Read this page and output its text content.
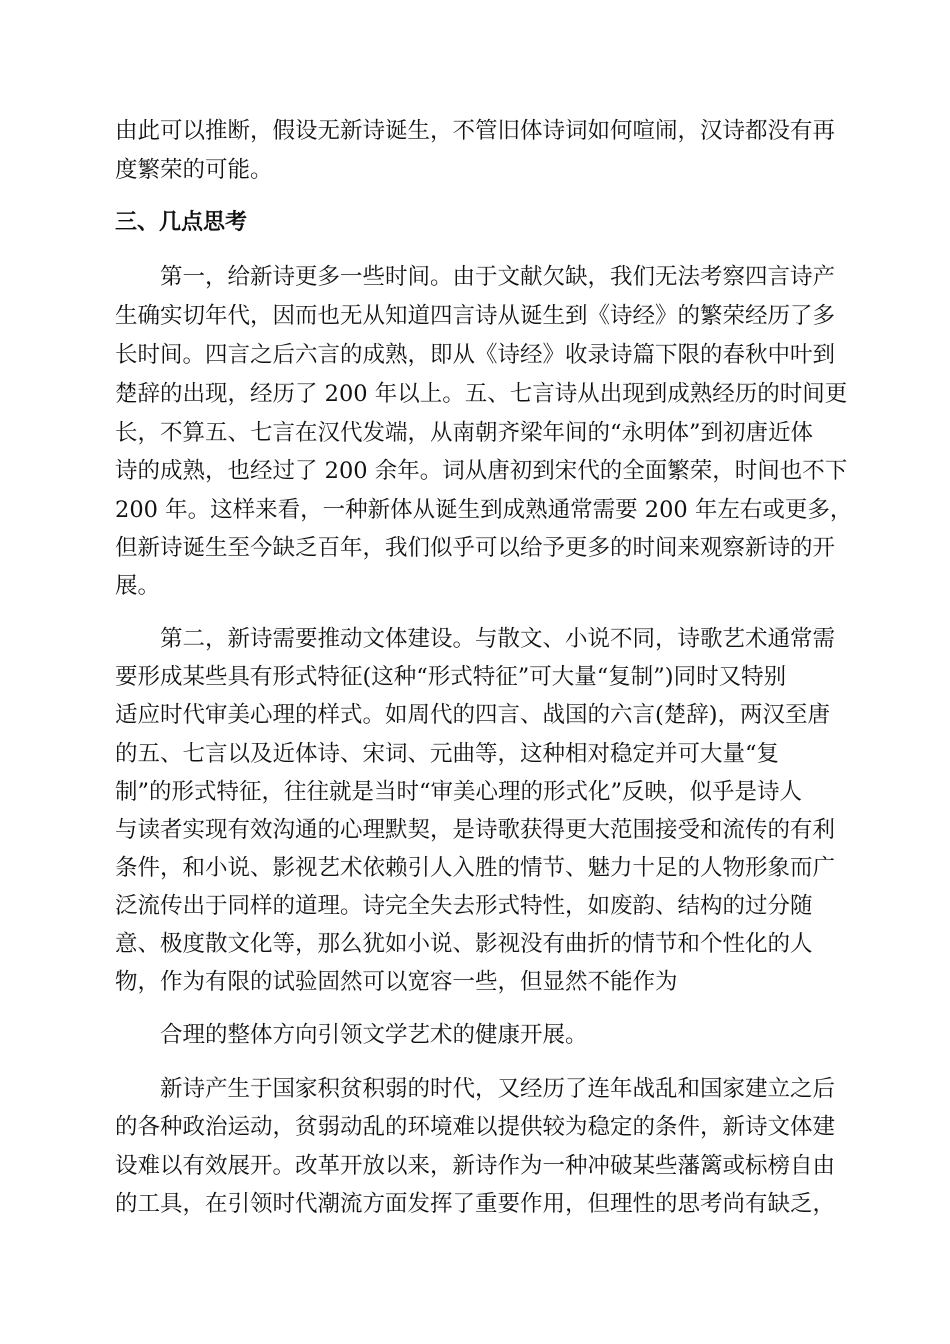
由此可以推断，假设无新诗诞生，不管旧体诗词如何喧闹，汉诗都没有再
度繁荣的可能。
三、几点思考
　　第一，给新诗更多一些时间。由于文献欠缺，我们无法考察四言诗产
生确实切年代，因而也无从知道四言诗从诞生到《诗经》的繁荣经历了多
长时间。四言之后六言的成熟，即从《诗经》收录诗篇下限的春秋中叶到
楚辞的出现，经历了 200 年以上。五、七言诗从出现到成熟经历的时间更
长，不算五、七言在汉代发端，从南朝齐梁年间的“永明体”到初唐近体
诗的成熟，也经过了 200 余年。词从唐初到宋代的全面繁荣，时间也不下
200 年。这样来看，一种新体从诞生到成熟通常需要 200 年左右或更多，
但新诗诞生至今缺乏百年，我们似乎可以给予更多的时间来观察新诗的开
展。
　　第二，新诗需要推动文体建设。与散文、小说不同，诗歌艺术通常需
要形成某些具有形式特征(这种“形式特征”可大量“复制”)同时又特别
适应时代审美心理的样式。如周代的四言、战国的六言(楚辞)，两汉至唐
的五、七言以及近体诗、宋词、元曲等，这种相对稳定并可大量“复
制”的形式特征，往往就是当时“审美心理的形式化”反映，似乎是诗人
与读者实现有效沟通的心理默契，是诗歌获得更大范围接受和流传的有利
条件，和小说、影视艺术依赖引人入胜的情节、魅力十足的人物形象而广
泛流传出于同样的道理。诗完全失去形式特性，如废韵、结构的过分随
意、极度散文化等，那么犹如小说、影视没有曲折的情节和个性化的人
物，作为有限的试验固然可以宽容一些，但显然不能作为
　　合理的整体方向引领文学艺术的健康开展。
　　新诗产生于国家积贫积弱的时代，又经历了连年战乱和国家建立之后
的各种政治运动，贫弱动乱的环境难以提供较为稳定的条件，新诗文体建
设难以有效展开。改革开放以来，新诗作为一种冲破某些藩篱或标榜自由
的工具，在引领时代潮流方面发挥了重要作用，但理性的思考尚有缺乏，
